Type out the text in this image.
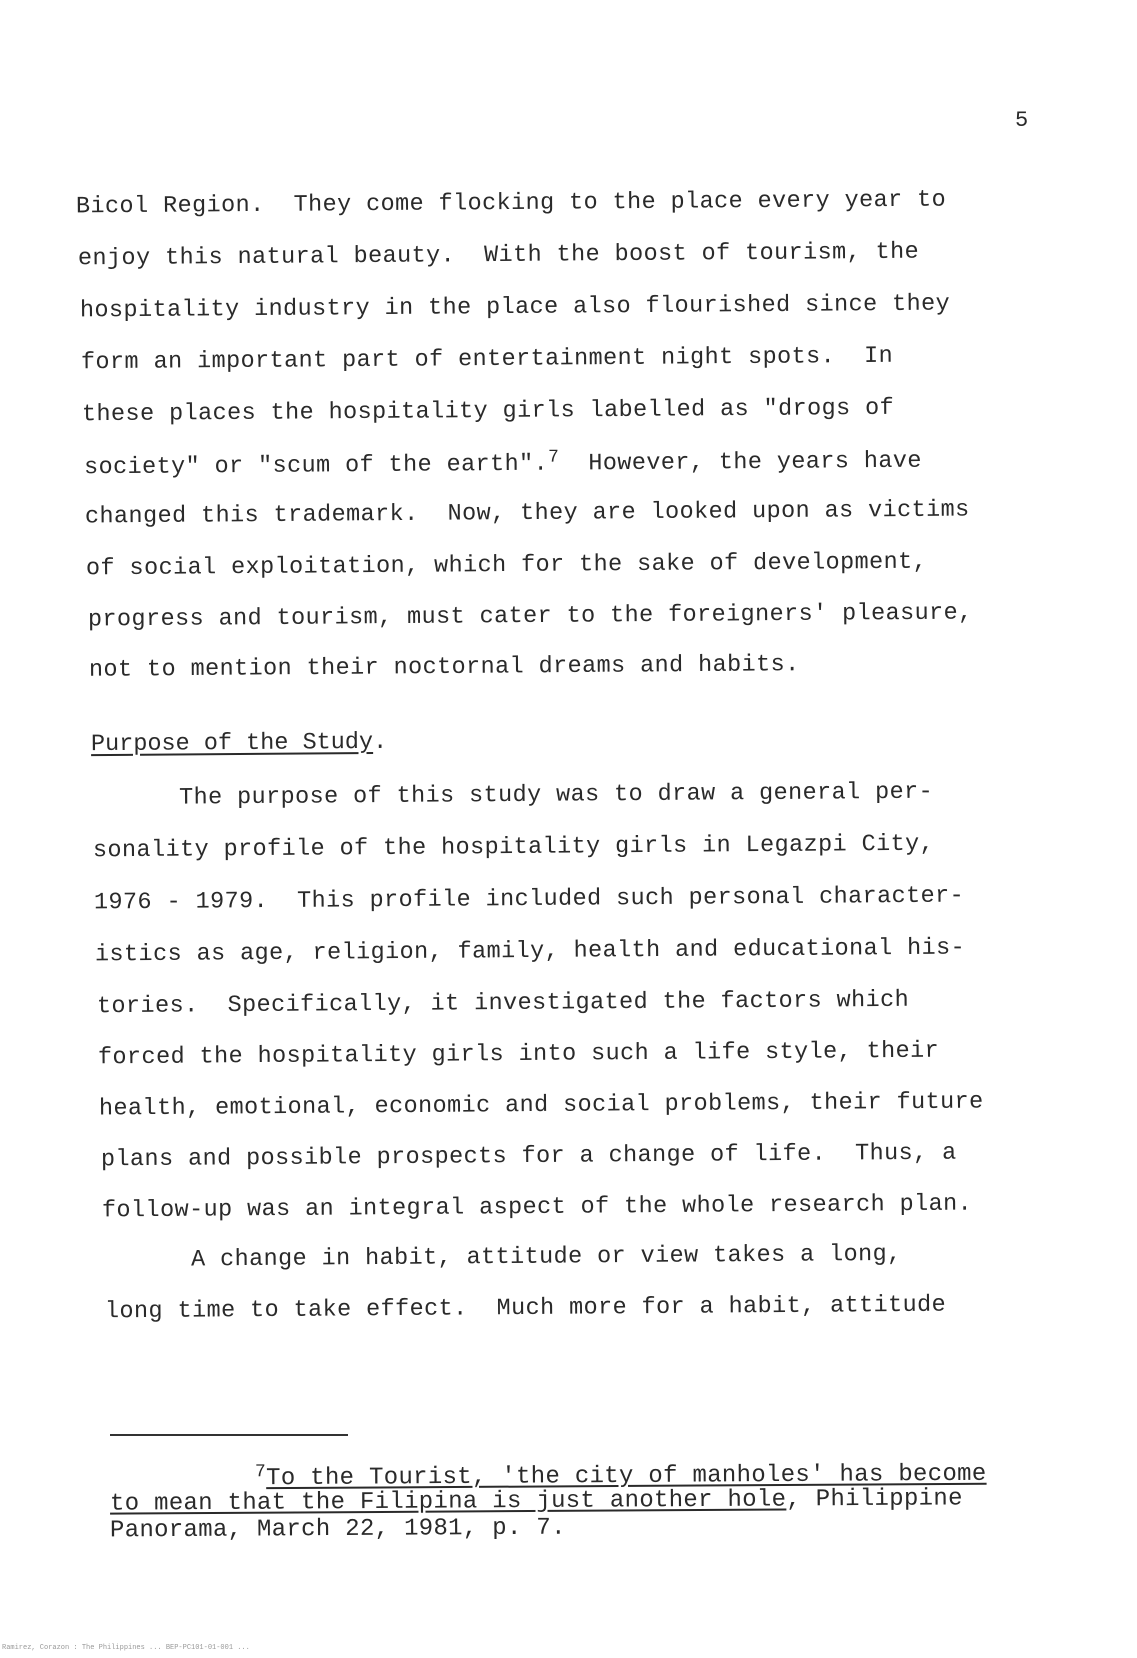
5
Bicol Region.  They come flocking to the place every year to
enjoy this natural beauty.  With the boost of tourism, the
hospitality industry in the place also flourished since they
form an important part of entertainment night spots.  In
these places the hospitality girls labelled as "drogs of
society" or "scum of the earth".$^7$  However, the years have
changed this trademark.  Now, they are looked upon as victims
of social exploitation, which for the sake of development,
progress and tourism, must cater to the foreigners' pleasure,
not to mention their noctornal dreams and habits.
Purpose of the Study.
The purpose of this study was to draw a general per-
sonality profile of the hospitality girls in Legazpi City,
1976 - 1979.  This profile included such personal character-
istics as age, religion, family, health and educational his-
tories.  Specifically, it investigated the factors which
forced the hospitality girls into such a life style, their
health, emotional, economic and social problems, their future
plans and possible prospects for a change of life.  Thus, a
follow-up was an integral aspect of the whole research plan.
A change in habit, attitude or view takes a long,
long time to take effect.  Much more for a habit, attitude
$^7$To the Tourist, 'the city of manholes' has become
to mean that the Filipina is just another hole, Philippine
Panorama, March 22, 1981, p. 7.
Ramirez, Corazon : The Philippines ... BEP-PC101-01-001 ...
